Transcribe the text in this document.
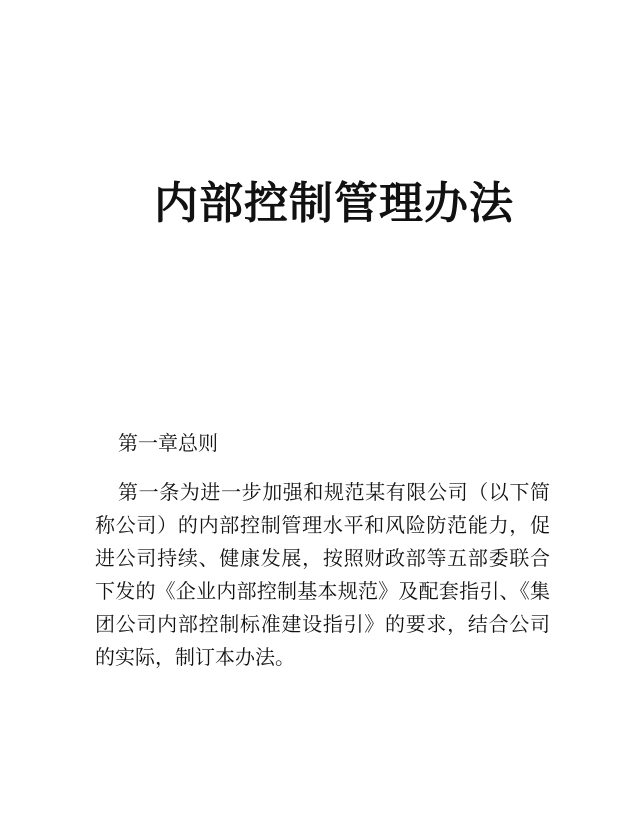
内部控制管理办法

第一章总则

第一条为进一步加强和规范某有限公司（以下简称公司）的内部控制管理水平和风险防范能力，促进公司持续、健康发展，按照财政部等五部委联合下发的《企业内部控制基本规范》及配套指引、《集团公司内部控制标准建设指引》的要求，结合公司的实际，制订本办法。
